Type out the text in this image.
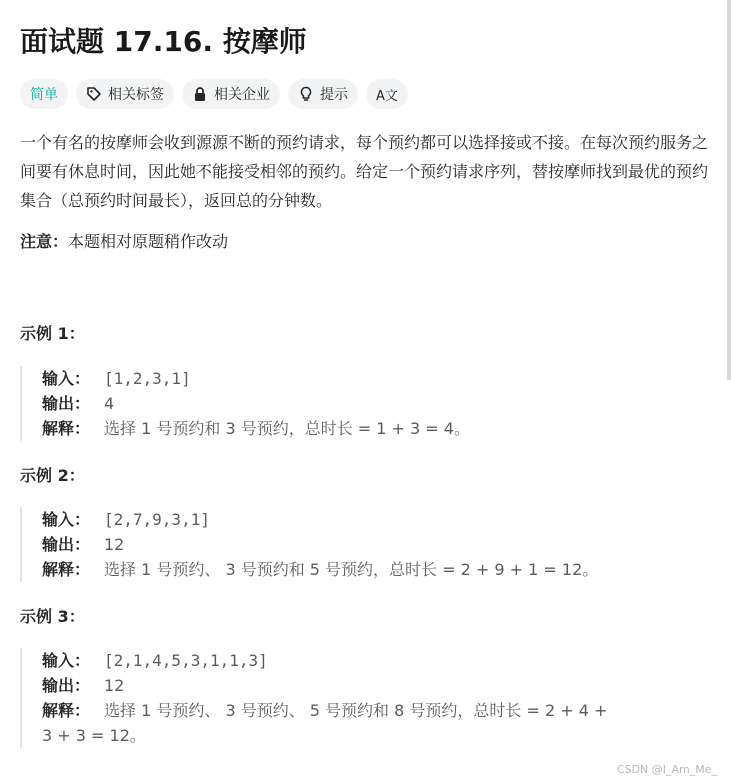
面试题 17.16. 按摩师
简单	相关标签	相关企业	提示 A文

一个有名的按摩师会收到源源不断的预约请求，每个预约都可以选择接或不接。在每次预约服务之间要有休息时间，因此她不能接受相邻的预约。给定一个预约请求序列，替按摩师找到最优的预约集合（总预约时间最长），返回总的分钟数。

注意：本题相对原题稍作改动
示例 1：
输入： [1,2,3,1]
输出： 4
解释： 选择 1 号预约和 3 号预约，总时长 = 1 + 3 = 4。
示例 2：
输入： [2,7,9,3,1]
输出： 12
解释： 选择 1 号预约、 3 号预约和 5 号预约，总时长 = 2 + 9 + 1 = 12。
示例 3：
输入： [2,1,4,5,3,1,1,3]
输出： 12
解释： 选择 1 号预约、 3 号预约、 5 号预约和 8 号预约，总时长 = 2 + 4 +
3 + 3 = 12。
CSDN @I_Am_Me_
